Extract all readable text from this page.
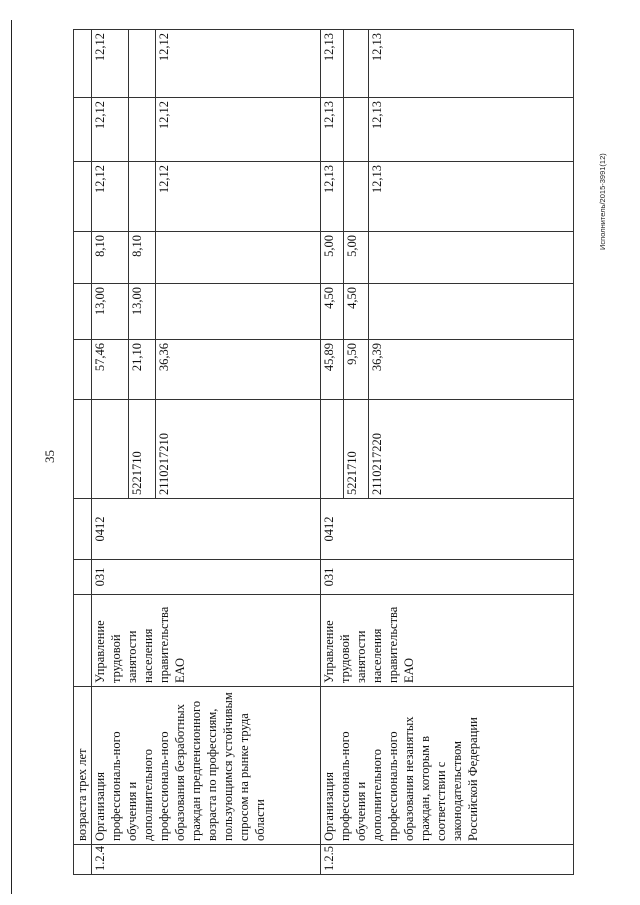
35
	возраста трех лет										
1.2.4	Организация профессиональ-ного обучения и дополнительного профессиональ-ного образования безработных граждан предпенсионного возраста по профессиям, пользующимся устойчивым спросом на рынке труда области	Управление трудовой занятости населения правительства ЕАО	031	0412		57,46	13,00	8,10	12,12	12,12	12,12
					5221710	21,10	13,00	8,10			
					2110217210	36,36			12,12	12,12	12,12
1.2.5	Организация профессиональ-ного обучения и дополнительного профессиональ-ного образования незанятых граждан, которым в соответствии с законодательством Российской Федерации	Управление трудовой занятости населения правительства ЕАО	031	0412		45,89	4,50	5,00	12,13	12,13	12,13
					5221710	9,50	4,50	5,00			
					2110217220	36,39			12,13	12,13	12,13
Исполнитель/2015-3991(12)
